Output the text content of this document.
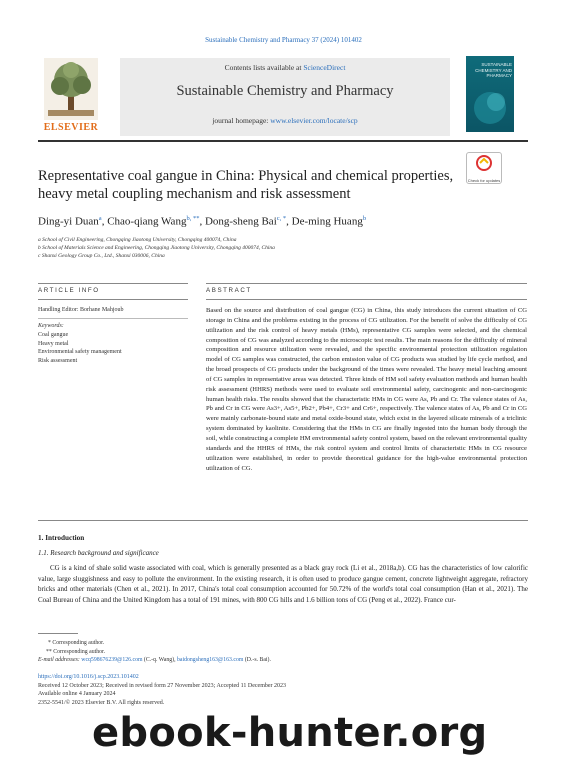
Sustainable Chemistry and Pharmacy 37 (2024) 101402
ELSEVIER
Contents lists available at ScienceDirect
Sustainable Chemistry and Pharmacy
journal homepage: www.elsevier.com/locate/scp
SUSTAINABLE CHEMISTRY AND PHARMACY
Representative coal gangue in China: Physical and chemical properties, heavy metal coupling mechanism and risk assessment
Check for updates
Ding-yi Duan$^a$, Chao-qiang Wang$^{b, **}$, Dong-sheng Bai$^{c, *}$, De-ming Huang$^b$
a School of Civil Engineering, Chongqing Jiaotong University, Chongqing 400074, China
b School of Materials Science and Engineering, Chongqing Jiaotong University, Chongqing 400074, China
c Shanxi Geology Group Co., Ltd., Shanxi 030006, China
ARTICLE INFO	ABSTRACT
Handling Editor: Borhane Mahjoub
Keywords:
Coal gangue
Heavy metal
Environmental safety management
Risk assessment
Based on the source and distribution of coal gangue (CG) in China, this study introduces the current situation of CG storage in China and the problems existing in the process of CG utilization. For the benefit of solve the difficulty of CG utilization and the risk control of heavy metals (HMs), representative CG samples were selected, and the chemical composition of CG was analyzed according to the microscopic test results. The main reasons for the difficulty of mineral composition and resource utilization were revealed, and the specific environmental protection utilization regulation model of CG samples was constructed, the carbon emission value of CG products was studied by life cycle method, and the broad prospects of CG products under the background of the times were revealed. The heavy metal leaching amount of CG samples in representative areas was detected. Three kinds of HM soil safety evaluation methods and human health risk assessment (HHRS) methods were used to evaluate soil environmental safety, carcinogenic and non-carcinogenic human health risks. The results showed that the characteristic HMs in CG were As, Pb and Cr. The valence states of As, Pb and Cr in CG were As3+, As5+, Pb2+, Pb4+, Cr3+ and Cr6+, respectively. The valence states of As, Pb and Cr in CG were mainly carbonate-bound state and metal oxide-bound state, which exist in the layered silicate minerals of a triclinic system dominated by kaolinite. Considering that the HMs in CG are finally ingested into the human body through the soil, while constructing a complete HM environmental safety control system, based on the relevant environmental quality standards and the HHRS of HMs, the risk control system and control limits of characteristic HMs in CG resource utilization were established, in order to provide theoretical guidance for the high-value environmental protection utilization of CG.
1. Introduction
1.1. Research background and significance
CG is a kind of shale solid waste associated with coal, which is generally presented as a black gray rock (Li et al., 2018a,b). CG has the characteristics of low calorific value, large sluggishness and easy to pollute the environment. In the existing research, it is often used to produce gangue cement, concrete lightweight aggregate, refractory bricks and other materials (Chen et al., 2021). In 2017, China's total coal consumption accounted for 50.72% of the world's total coal consumption (Han et al., 2021). The Coal Bureau of China and the United Kingdom has a total of 191 mines, with 800 CG hills and 1.6 billion tons of CG (Peng et al., 2022). France cur-
* Corresponding author.
** Corresponding author.
E-mail addresses: wcq598676239@126.com (C.-q. Wang), baidongsheng163@163.com (D.-s. Bai).
https://doi.org/10.1016/j.scp.2023.101402
Received 12 October 2023; Received in revised form 27 November 2023; Accepted 11 December 2023
Available online 4 January 2024
2352-5541/© 2023 Elsevier B.V. All rights reserved.
ebook-hunter.org
